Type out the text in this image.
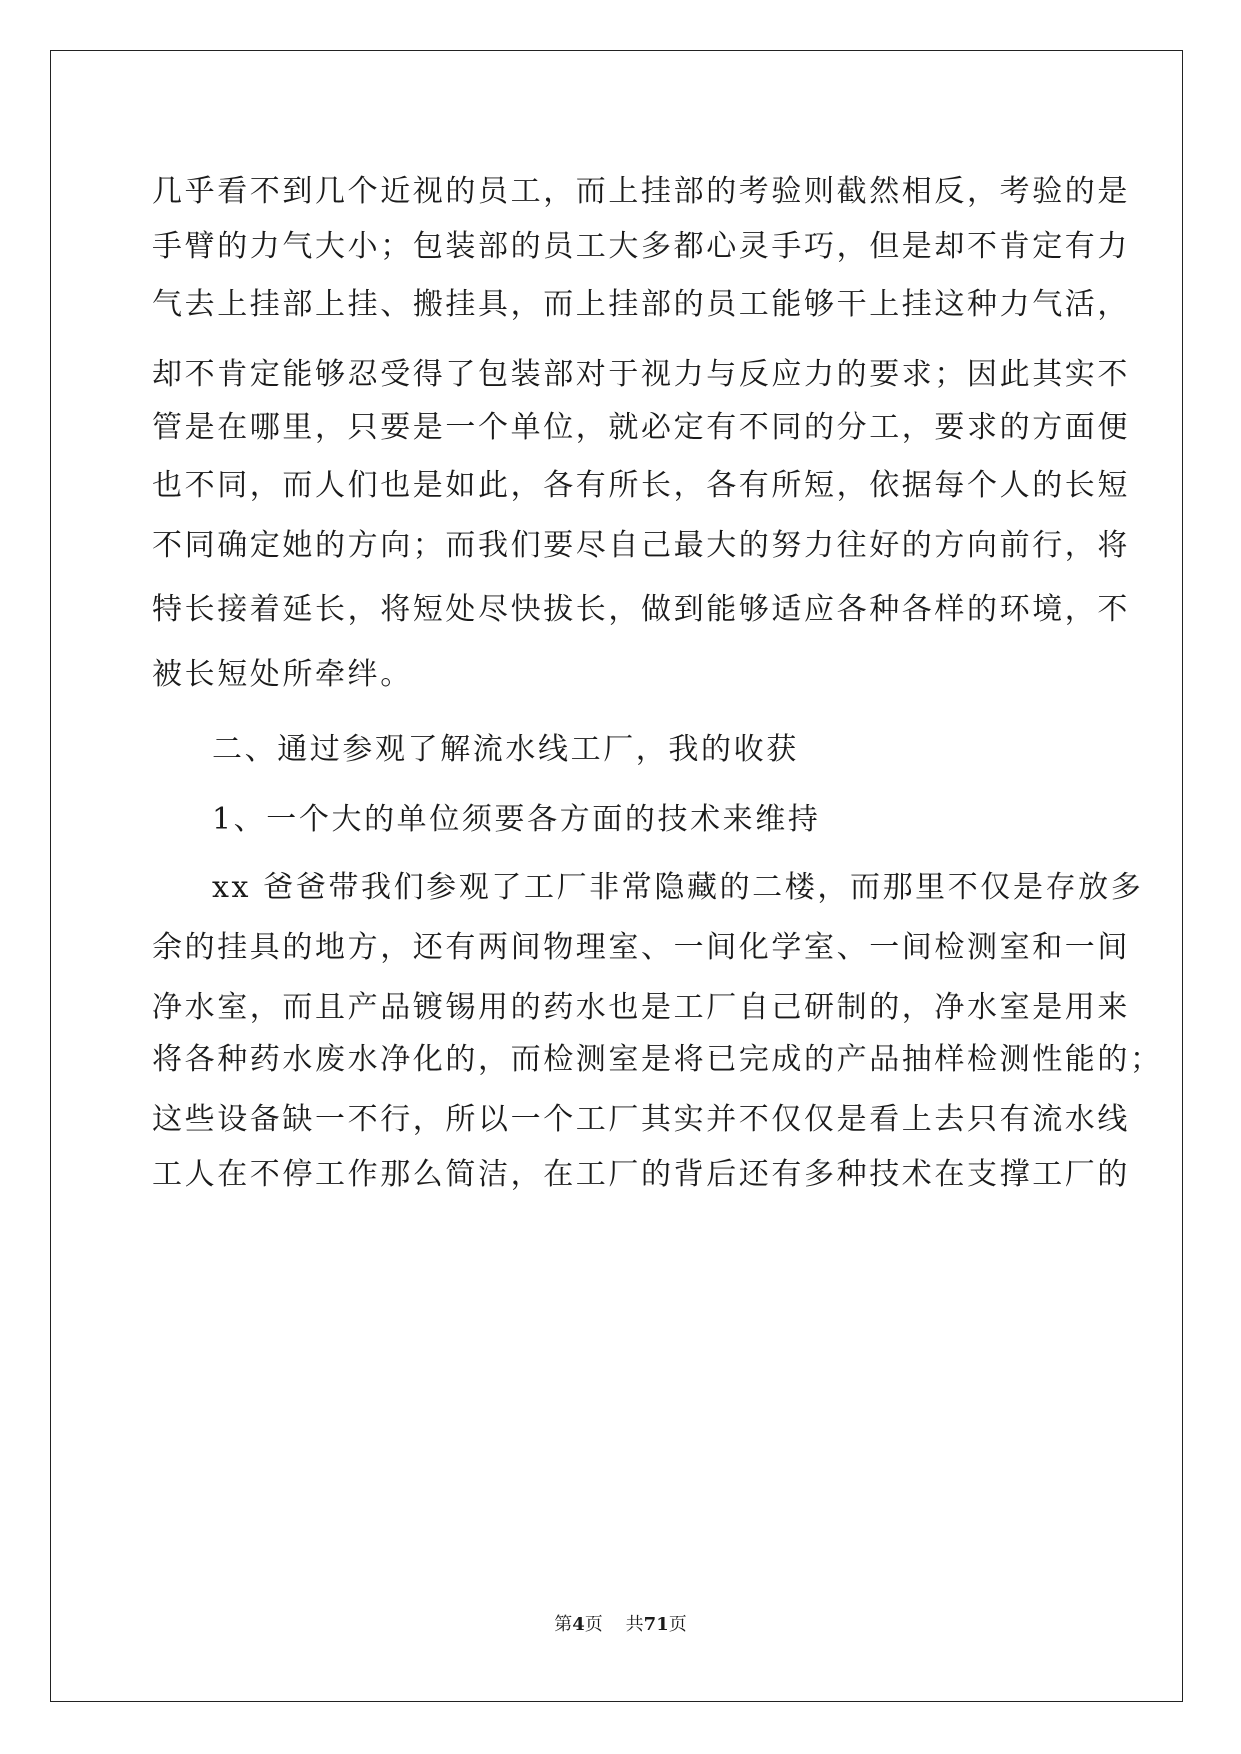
几乎看不到几个近视的员工，而上挂部的考验则截然相反，考验的是
手臂的力气大小；包装部的员工大多都心灵手巧，但是却不肯定有力
气去上挂部上挂、搬挂具，而上挂部的员工能够干上挂这种力气活，
却不肯定能够忍受得了包装部对于视力与反应力的要求；因此其实不
管是在哪里，只要是一个单位，就必定有不同的分工，要求的方面便
也不同，而人们也是如此，各有所长，各有所短，依据每个人的长短
不同确定她的方向；而我们要尽自己最大的努力往好的方向前行，将
特长接着延长，将短处尽快拔长，做到能够适应各种各样的环境，不
被长短处所牵绊。
二、通过参观了解流水线工厂，我的收获
1、一个大的单位须要各方面的技术来维持
xx 爸爸带我们参观了工厂非常隐藏的二楼，而那里不仅是存放多
余的挂具的地方，还有两间物理室、一间化学室、一间检测室和一间
净水室，而且产品镀锡用的药水也是工厂自己研制的，净水室是用来
将各种药水废水净化的，而检测室是将已完成的产品抽样检测性能的；
这些设备缺一不行，所以一个工厂其实并不仅仅是看上去只有流水线
工人在不停工作那么简洁，在工厂的背后还有多种技术在支撑工厂的
第4页    共71页
